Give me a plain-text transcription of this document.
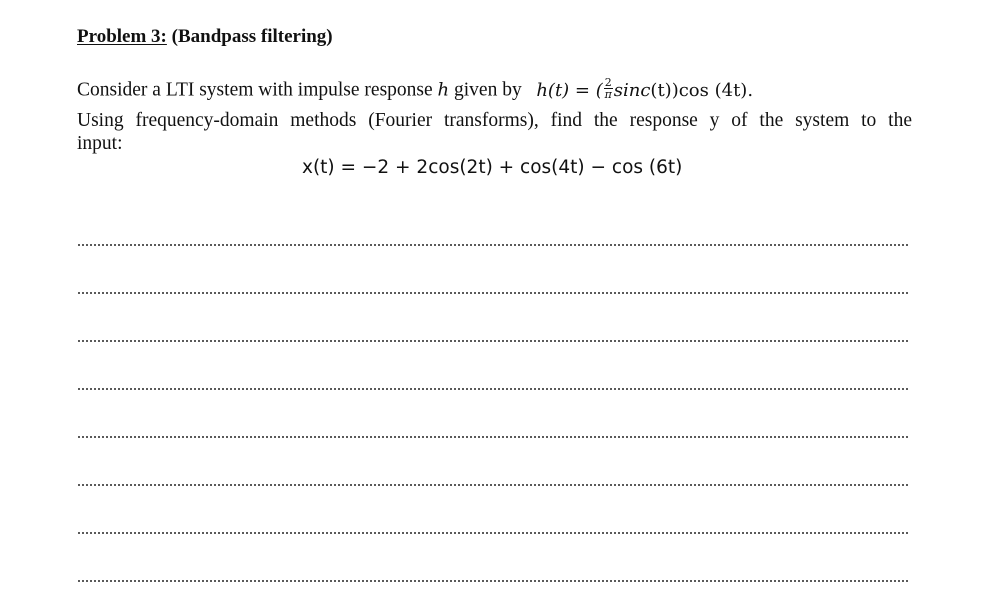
Problem 3: (Bandpass filtering)
Consider a LTI system with impulse response h given by h(t) = ( $\frac{2}{\pi} \sin c(t))\cos$ (4t).
Using frequency-domain methods (Fourier transforms), find the response y of the system to the
input:
x(t) = −2 + 2cos(2t) + cos(4t) − cos (6t)
